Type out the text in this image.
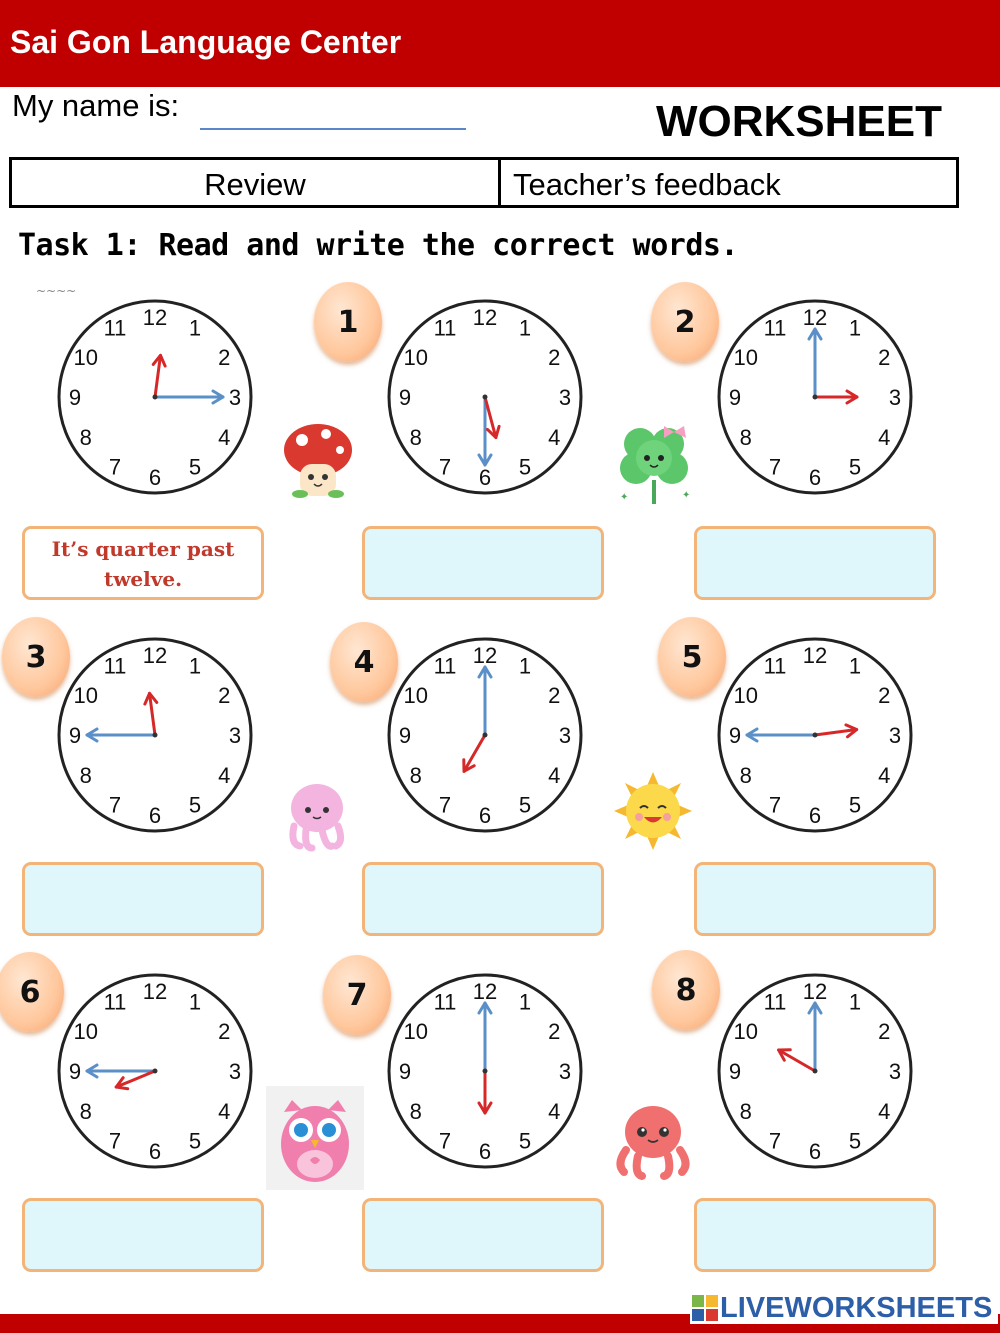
Sai Gon Language Center
My name is:	WORKSHEET
Review	Teacher’s feedback
Task 1: Read and write the correct words.
~~~~
12 1
2
3
4
5
6
7
8
9
10
11	12 1
2
3
4
5
6
7
8
9
10
11	12 1
2
3
4
5
6
7
8
9
10
11
12 1
2
3
4
5
6
7
8
9
10
11	12 1
2
3
4
5
6
7
8
9
10
11	12 1
2
3
4
5
6
7
8
9
10
11
12 1
2
3
4
5
6
7
8
9
10
11	12 1
2
3
4
5
6
7
8
9
10
11	12 1
2
3
4
5
6
7
8
9
10
11
1	2
3	4	5
6	7	8
It’s quarter past
twelve.
✦	✦
LIVEWORKSHEETS
